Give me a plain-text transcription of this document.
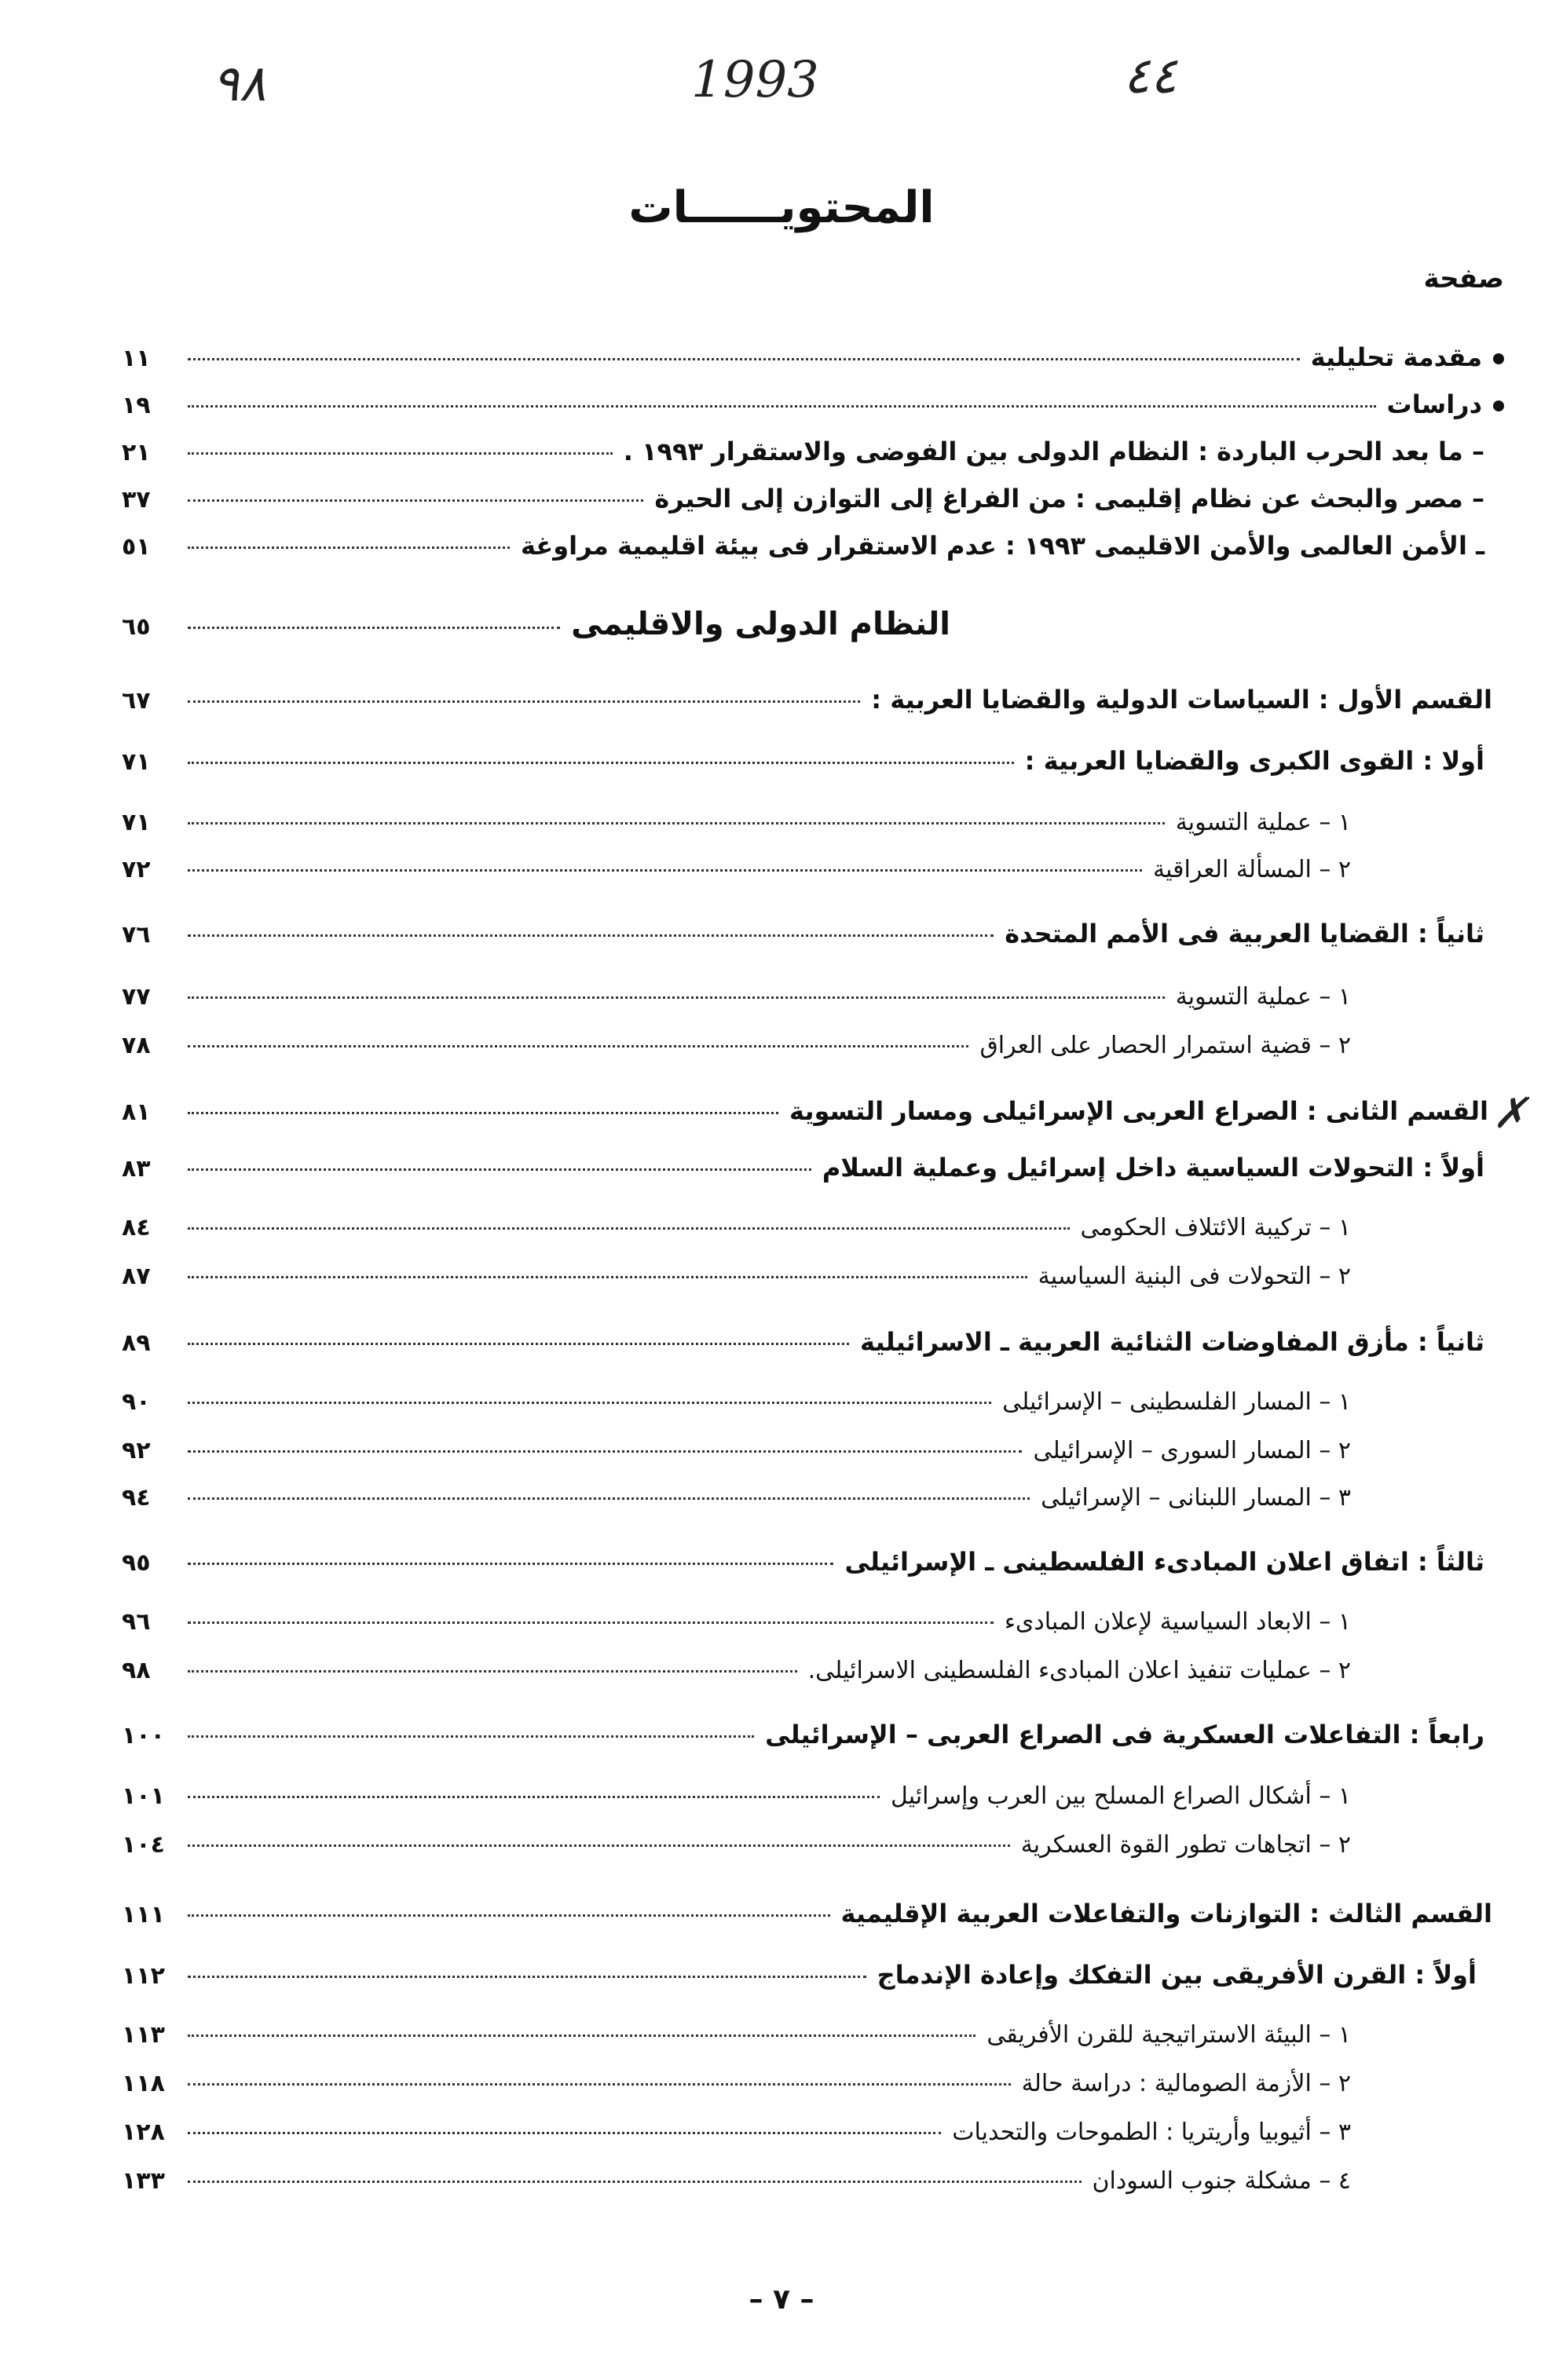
٩٨	1993	٤٤
المحتويــــــات
صفحة
مقدمة تحليلية
١١
دراسات
١٩
– ما بعد الحرب الباردة : النظام الدولى بين الفوضى والاستقرار ١٩٩٣ .
٢١
– مصر والبحث عن نظام إقليمى : من الفراغ إلى التوازن إلى الحيرة
٣٧
ـ الأمن العالمى والأمن الاقليمى ١٩٩٣ : عدم الاستقرار فى بيئة اقليمية مراوغة
٥١
النظام الدولى والاقليمى
٦٥
القسم الأول : السياسات الدولية والقضايا العربية :
٦٧
أولا : القوى الكبرى والقضايا العربية :
٧١
١ – عملية التسوية
٧١
٢ – المسألة العراقية
٧٢
ثانياً : القضايا العربية فى الأمم المتحدة
٧٦
١ – عملية التسوية
٧٧
٢ – قضية استمرار الحصار على العراق
٧٨
✗
القسم الثانى : الصراع العربى الإسرائيلى ومسار التسوية
٨١
أولاً : التحولات السياسية داخل إسرائيل وعملية السلام
٨٣
١ – تركيبة الائتلاف الحكومى
٨٤
٢ – التحولات فى البنية السياسية
٨٧
ثانياً : مأزق المفاوضات الثنائية العربية ـ الاسرائيلية
٨٩
١ – المسار الفلسطينى – الإسرائيلى
٩٠
٢ – المسار السورى – الإسرائيلى
٩٢
٣ – المسار اللبنانى – الإسرائيلى
٩٤
ثالثاً : اتفاق اعلان المبادىء الفلسطينى ـ الإسرائيلى
٩٥
١ – الابعاد السياسية لإعلان المبادىء
٩٦
٢ – عمليات تنفيذ اعلان المبادىء الفلسطينى الاسرائيلى.
٩٨
رابعاً : التفاعلات العسكرية فى الصراع العربى – الإسرائيلى
١٠٠
١ – أشكال الصراع المسلح بين العرب وإسرائيل
١٠١
٢ – اتجاهات تطور القوة العسكرية
١٠٤
القسم الثالث : التوازنات والتفاعلات العربية الإقليمية
١١١
أولاً : القرن الأفريقى بين التفكك وإعادة الإندماج
١١٢
١ – البيئة الاستراتيجية للقرن الأفريقى
١١٣
٢ – الأزمة الصومالية : دراسة حالة
١١٨
٣ – أثيوبيا وأريتريا : الطموحات والتحديات
١٢٨
٤ – مشكلة جنوب السودان
١٣٣
– ٧ –
